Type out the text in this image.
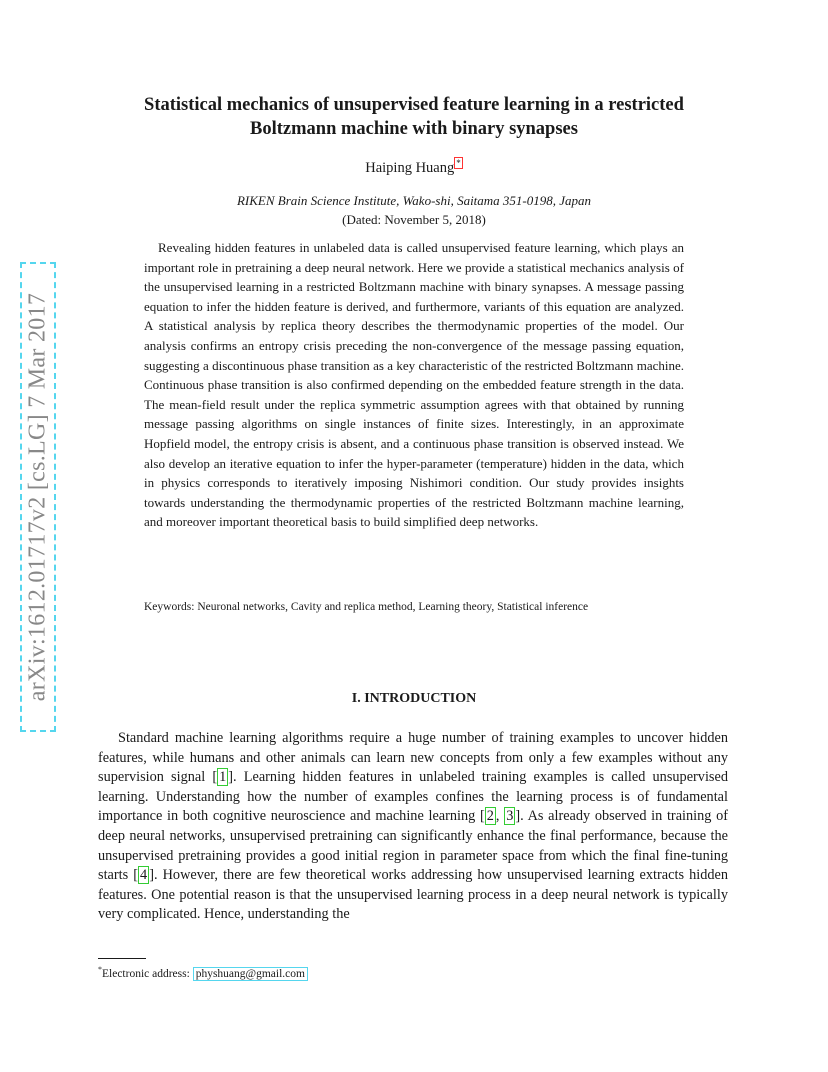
arXiv:1612.01717v2 [cs.LG] 7 Mar 2017
Statistical mechanics of unsupervised feature learning in a restricted Boltzmann machine with binary synapses
Haiping Huang *
RIKEN Brain Science Institute, Wako-shi, Saitama 351-0198, Japan
(Dated: November 5, 2018)

Revealing hidden features in unlabeled data is called unsupervised feature learning, which plays an important role in pretraining a deep neural network. Here we provide a statistical mechanics analysis of the unsupervised learning in a restricted Boltzmann machine with binary synapses. A message passing equation to infer the hidden feature is derived, and furthermore, variants of this equation are analyzed. A statistical analysis by replica theory describes the thermodynamic properties of the model. Our analysis confirms an entropy crisis preceding the non-convergence of the message passing equation, suggesting a discontinuous phase transition as a key characteristic of the restricted Boltzmann machine. Continuous phase transition is also confirmed depending on the embedded feature strength in the data. The mean-field result under the replica symmetric assumption agrees with that obtained by running message passing algorithms on single instances of finite sizes. Interestingly, in an approximate Hopfield model, the entropy crisis is absent, and a continuous phase transition is observed instead. We also develop an iterative equation to infer the hyper-parameter (temperature) hidden in the data, which in physics corresponds to iteratively imposing Nishimori condition. Our study provides insights towards understanding the thermodynamic properties of the restricted Boltzmann machine learning, and moreover important theoretical basis to build simplified deep networks.

Keywords: Neuronal networks, Cavity and replica method, Learning theory, Statistical inference

I. INTRODUCTION

Standard machine learning algorithms require a huge number of training examples to uncover hidden features, while humans and other animals can learn new concepts from only a few examples without any supervision signal [ 1 ]. Learning hidden features in unlabeled training examples is called unsupervised learning. Understanding how the number of examples confines the learning process is of fundamental importance in both cognitive neuroscience and machine learning [ 2 , 3 ]. As already observed in training of deep neural networks, unsupervised pretraining can significantly enhance the final performance, because the unsupervised pretraining provides a good initial region in parameter space from which the final fine-tuning starts [ 4 ]. However, there are few theoretical works addressing how unsupervised learning extracts hidden features. One potential reason is that the unsupervised learning process in a deep neural network is typically very complicated. Hence, understanding the

*Electronic address: physhuang@gmail.com
